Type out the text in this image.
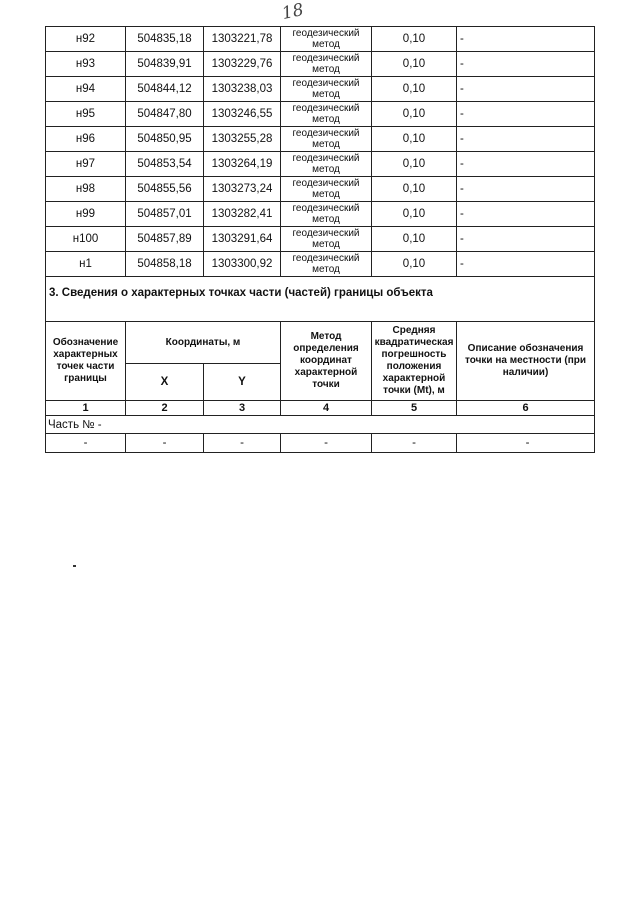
18
н92	504835,18	1303221,78	геодезический метод	0,10	-
н93	504839,91	1303229,76	геодезический метод	0,10	-
н94	504844,12	1303238,03	геодезический метод	0,10	-
н95	504847,80	1303246,55	геодезический метод	0,10	-
н96	504850,95	1303255,28	геодезический метод	0,10	-
н97	504853,54	1303264,19	геодезический метод	0,10	-
н98	504855,56	1303273,24	геодезический метод	0,10	-
н99	504857,01	1303282,41	геодезический метод	0,10	-
н100	504857,89	1303291,64	геодезический метод	0,10	-
н1	504858,18	1303300,92	геодезический метод	0,10	-
3. Сведения о характерных точках части (частей) границы объекта					
Обозначение характерных точек части границы	Координаты, м		Метод определения координат характерной точки	Средняя квадратическая погрешность положения характерной точки (Mt), м	Описание обозначения точки на местности (при наличии)
	X	Y			
1	2	3	4	5	6
Часть № -					
-	-	-	-	-	-
